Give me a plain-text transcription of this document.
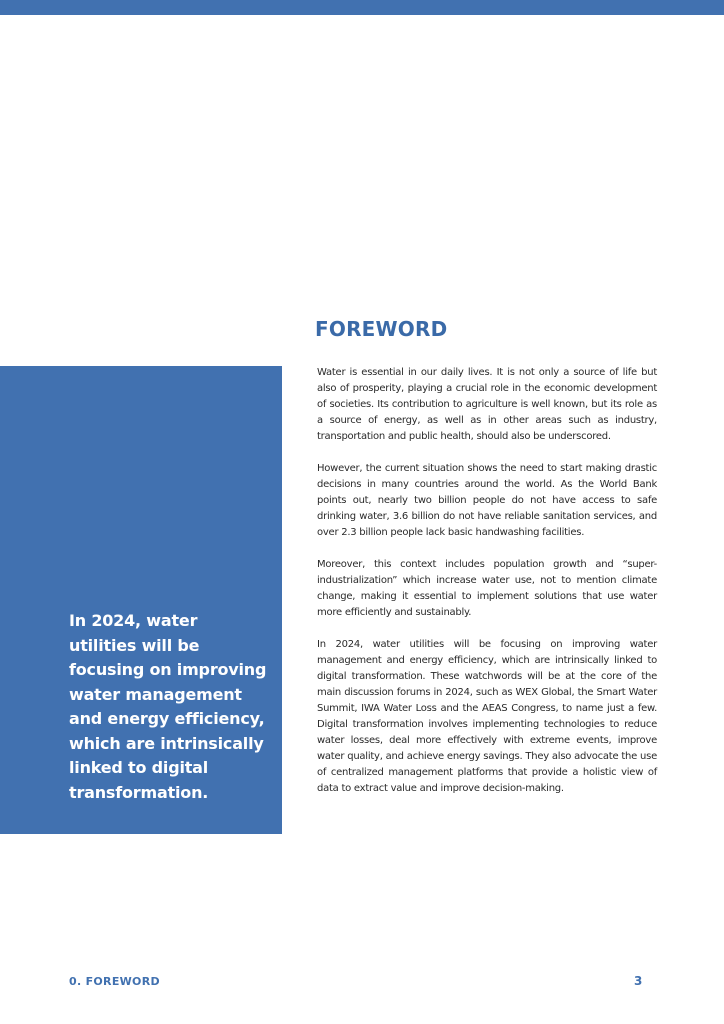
FOREWORD

In 2024, water utilities will be focusing on improving water management and energy efficiency, which are intrinsically linked to digital transformation.

Water is essential in our daily lives. It is not only a source of life but also of prosperity, playing a crucial role in the economic development of societies. Its contribution to agriculture is well known, but its role as a source of energy, as well as in other areas such as industry, transportation and public health, should also be underscored.

However, the current situation shows the need to start making drastic decisions in many countries around the world. As the World Bank points out, nearly two billion people do not have access to safe drinking water, 3.6 billion do not have reliable sanitation services, and over 2.3 billion people lack basic handwashing facilities.

Moreover, this context includes population growth and “super-industrialization” which increase water use, not to mention climate change, making it essential to implement solutions that use water more efficiently and sustainably.

In 2024, water utilities will be focusing on improving water management and energy efficiency, which are intrinsically linked to digital transformation. These watchwords will be at the core of the main discussion forums in 2024, such as WEX Global, the Smart Water Summit, IWA Water Loss and the AEAS Congress, to name just a few. Digital transformation involves implementing technologies to reduce water losses, deal more effectively with extreme events, improve water quality, and achieve energy savings. They also advocate the use of centralized management platforms that provide a holistic view of data to extract value and improve decision-making.

0. FOREWORD	3
